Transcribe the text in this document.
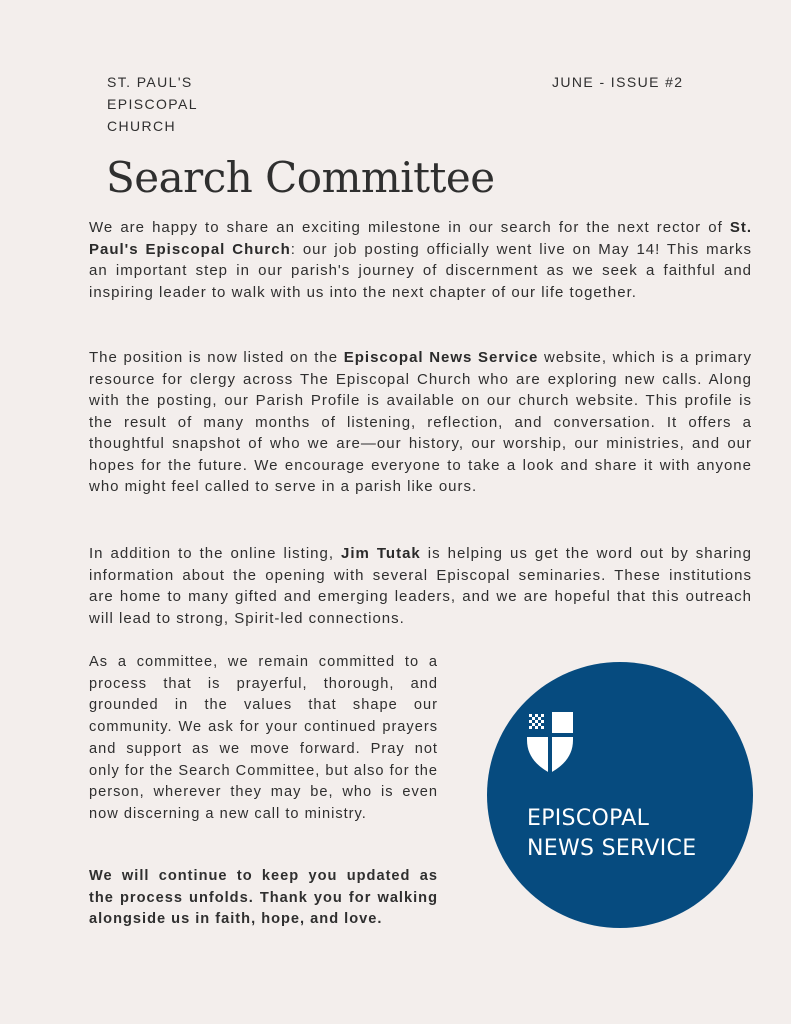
ST. PAUL'S
EPISCOPAL
CHURCH
JUNE - ISSUE #2
Search Committee

We are happy to share an exciting milestone in our search for the next rector of St. Paul's Episcopal Church: our job posting officially went live on May 14! This marks an important step in our parish's journey of discernment as we seek a faithful and inspiring leader to walk with us into the next chapter of our life together.

The position is now listed on the Episcopal News Service website, which is a primary resource for clergy across The Episcopal Church who are exploring new calls. Along with the posting, our Parish Profile is available on our church website. This profile is the result of many months of listening, reflection, and conversation. It offers a thoughtful snapshot of who we are—our history, our worship, our ministries, and our hopes for the future. We encourage everyone to take a look and share it with anyone who might feel called to serve in a parish like ours.

In addition to the online listing, Jim Tutak is helping us get the word out by sharing information about the opening with several Episcopal seminaries. These institutions are home to many gifted and emerging leaders, and we are hopeful that this outreach will lead to strong, Spirit-led connections.

As a committee, we remain committed to a process that is prayerful, thorough, and grounded in the values that shape our community. We ask for your continued prayers and support as we move forward. Pray not only for the Search Committee, but also for the person, wherever they may be, who is even now discerning a new call to ministry.

We will continue to keep you updated as the process unfolds. Thank you for walking alongside us in faith, hope, and love.

EPISCOPAL
NEWS SERVICE
